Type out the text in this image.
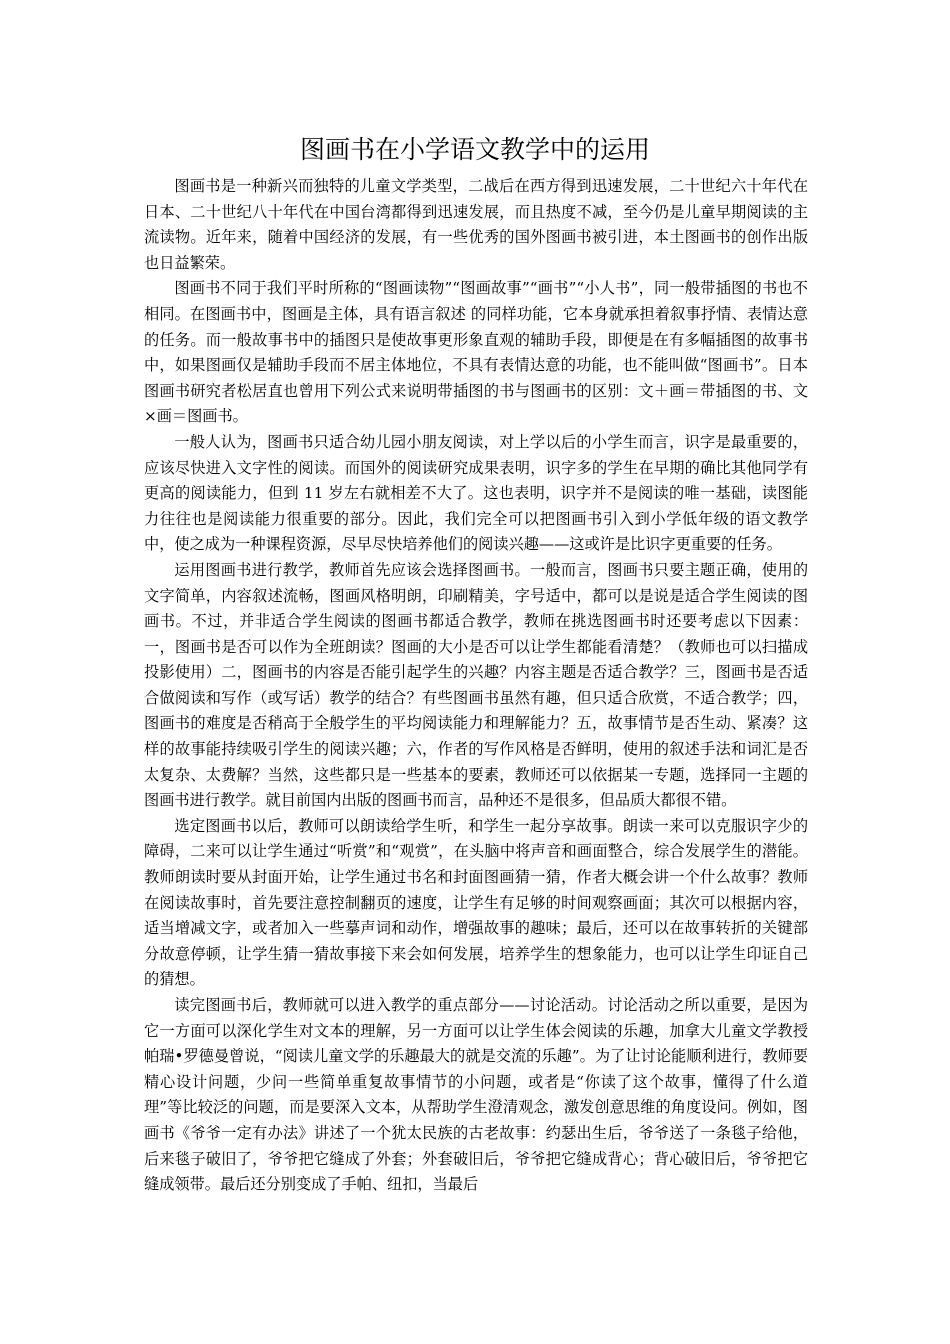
图画书在小学语文教学中的运用

图画书是一种新兴而独特的儿童文学类型，二战后在西方得到迅速发展，二十世纪六十年代在日本、二十世纪八十年代在中国台湾都得到迅速发展，而且热度不减，至今仍是儿童早期阅读的主流读物。近年来，随着中国经济的发展，有一些优秀的国外图画书被引进，本土图画书的创作出版也日益繁荣。

图画书不同于我们平时所称的“图画读物”“图画故事”“画书”“小人书”，同一般带插图的书也不相同。在图画书中，图画是主体，具有语言叙述 的同样功能，它本身就承担着叙事抒情、表情达意的任务。而一般故事书中的插图只是使故事更形象直观的辅助手段，即便是在有多幅插图的故事书中，如果图画仅是辅助手段而不居主体地位，不具有表情达意的功能，也不能叫做“图画书”。日本图画书研究者松居直也曾用下列公式来说明带插图的书与图画书的区别：文＋画＝带插图的书、文×画＝图画书。

一般人认为，图画书只适合幼儿园小朋友阅读，对上学以后的小学生而言，识字是最重要的，应该尽快进入文字性的阅读。而国外的阅读研究成果表明，识字多的学生在早期的确比其他同学有更高的阅读能力，但到 11 岁左右就相差不大了。这也表明，识字并不是阅读的唯一基础，读图能力往往也是阅读能力很重要的部分。因此，我们完全可以把图画书引入到小学低年级的语文教学中，使之成为一种课程资源，尽早尽快培养他们的阅读兴趣——这或许是比识字更重要的任务。

运用图画书进行教学，教师首先应该会选择图画书。一般而言，图画书只要主题正确，使用的文字简单，内容叙述流畅，图画风格明朗，印刷精美，字号适中，都可以是说是适合学生阅读的图画书。不过，并非适合学生阅读的图画书都适合教学，教师在挑选图画书时还要考虑以下因素：一，图画书是否可以作为全班朗读？图画的大小是否可以让学生都能看清楚？（教师也可以扫描成投影使用）二，图画书的内容是否能引起学生的兴趣？内容主题是否适合教学？三，图画书是否适合做阅读和写作（或写话）教学的结合？有些图画书虽然有趣，但只适合欣赏，不适合教学；四，图画书的难度是否稍高于全般学生的平均阅读能力和理解能力？五，故事情节是否生动、紧凑？这样的故事能持续吸引学生的阅读兴趣；六，作者的写作风格是否鲜明，使用的叙述手法和词汇是否太复杂、太费解？当然，这些都只是一些基本的要素，教师还可以依据某一专题，选择同一主题的图画书进行教学。就目前国内出版的图画书而言，品种还不是很多，但品质大都很不错。

选定图画书以后，教师可以朗读给学生听，和学生一起分享故事。朗读一来可以克服识字少的障碍，二来可以让学生通过“听赏”和“观赏”，在头脑中将声音和画面整合，综合发展学生的潜能。教师朗读时要从封面开始，让学生通过书名和封面图画猜一猜，作者大概会讲一个什么故事？教师在阅读故事时，首先要注意控制翻页的速度，让学生有足够的时间观察画面；其次可以根据内容，适当增减文字，或者加入一些摹声词和动作，增强故事的趣味；最后，还可以在故事转折的关键部分故意停顿，让学生猜一猜故事接下来会如何发展，培养学生的想象能力，也可以让学生印证自己的猜想。

读完图画书后，教师就可以进入教学的重点部分——讨论活动。讨论活动之所以重要，是因为它一方面可以深化学生对文本的理解，另一方面可以让学生体会阅读的乐趣，加拿大儿童文学教授帕瑞•罗德曼曾说，“阅读儿童文学的乐趣最大的就是交流的乐趣”。为了让讨论能顺利进行，教师要精心设计问题，少问一些简单重复故事情节的小问题，或者是“你读了这个故事，懂得了什么道理”等比较泛的问题，而是要深入文本，从帮助学生澄清观念，激发创意思维的角度设问。例如，图画书《爷爷一定有办法》讲述了一个犹太民族的古老故事：约瑟出生后，爷爷送了一条毯子给他，后来毯子破旧了，爷爷把它缝成了外套；外套破旧后，爷爷把它缝成背心；背心破旧后，爷爷把它缝成领带。最后还分别变成了手帕、纽扣，当最后
